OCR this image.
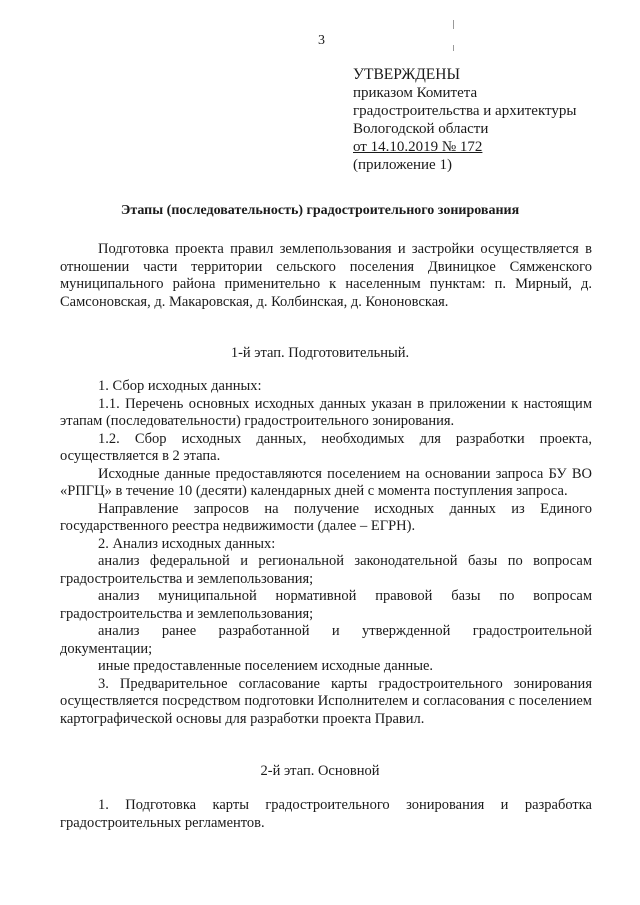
3
УТВЕРЖДЕНЫ
приказом Комитета
градостроительства и архитектуры
Вологодской области
от 14.10.2019 № 172
(приложение 1)
Этапы (последовательность) градостроительного зонирования

Подготовка проекта правил землепользования и застройки осуществляется в отношении части территории сельского поселения Двиницкое Сямженского муниципального района применительно к населенным пунктам: п. Мирный, д. Самсоновская, д. Макаровская, д. Колбинская, д. Кононовская.

1-й этап. Подготовительный.

1. Сбор исходных данных:

1.1. Перечень основных исходных данных указан в приложении к настоящим этапам (последовательности) градостроительного зонирования.

1.2. Сбор исходных данных, необходимых для разработки проекта, осуществляется в 2 этапа.

Исходные данные предоставляются поселением на основании запроса БУ ВО «РПГЦ» в течение 10 (десяти) календарных дней с момента поступления запроса.

Направление запросов на получение исходных данных из Единого государственного реестра недвижимости (далее – ЕГРН).

2. Анализ исходных данных:

анализ федеральной и региональной законодательной базы по вопросам градостроительства и землепользования;

анализ муниципальной нормативной правовой базы по вопросам градостроительства и землепользования;

анализ ранее разработанной и утвержденной градостроительной документации;

иные предоставленные поселением исходные данные.

3. Предварительное согласование карты градостроительного зонирования осуществляется посредством подготовки Исполнителем и согласования с поселением картографической основы для разработки проекта Правил.

2-й этап. Основной

1. Подготовка карты градостроительного зонирования и разработка градостроительных регламентов.
